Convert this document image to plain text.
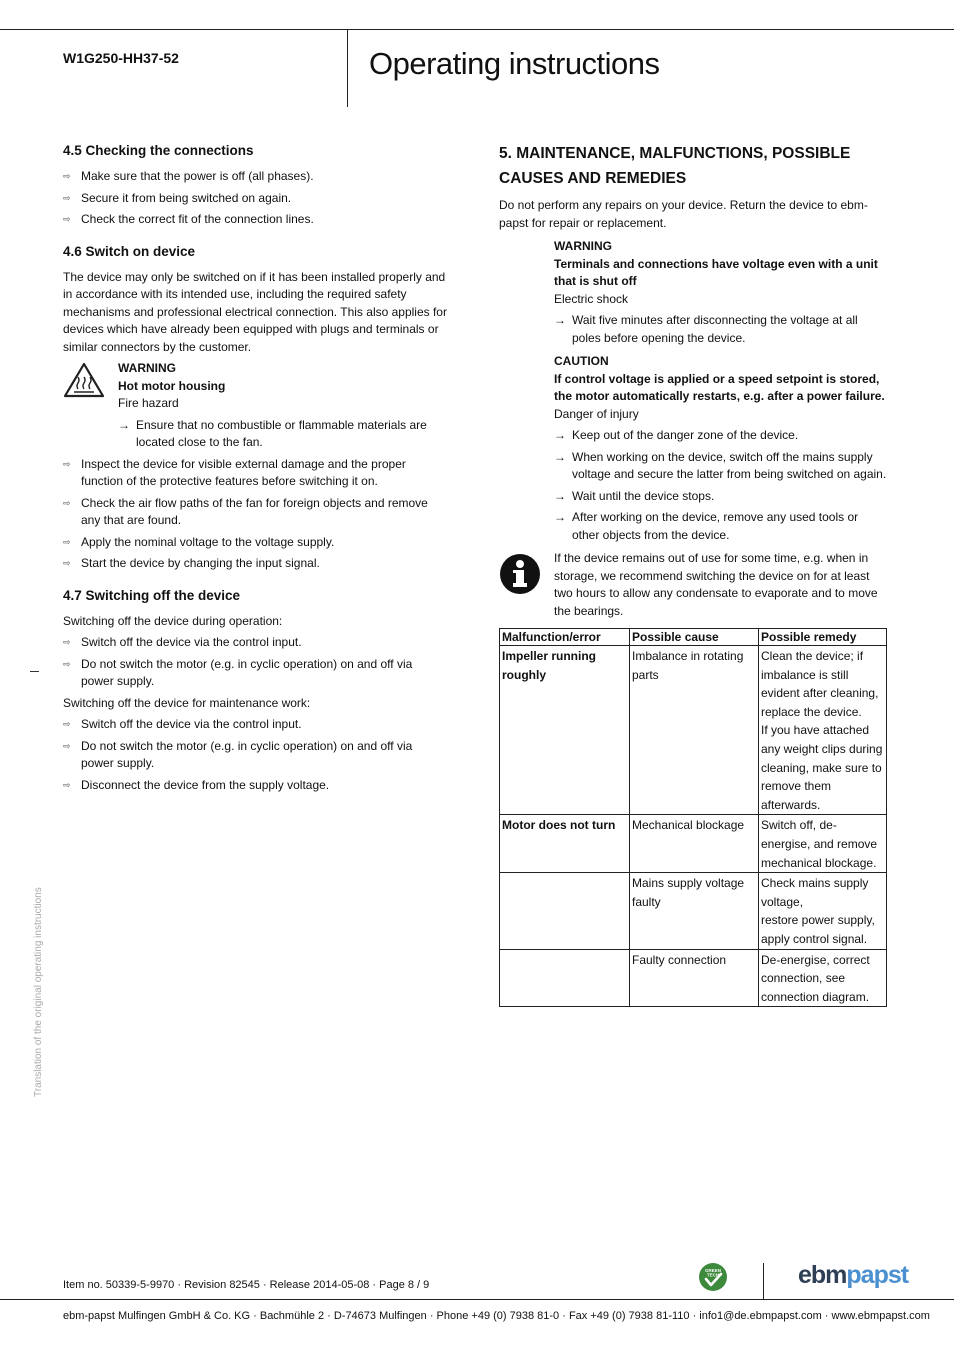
W1G250-HH37-52	Operating instructions
4.5 Checking the connections
⇨ Make sure that the power is off (all phases).
⇨ Secure it from being switched on again.
⇨ Check the correct fit of the connection lines.
4.6 Switch on device

The device may only be switched on if it has been installed properly and in accordance with its intended use, including the required safety mechanisms and professional electrical connection. This also applies for devices which have already been equipped with plugs and terminals or similar connectors by the customer.

WARNING
Hot motor housing
Fire hazard
→ Ensure that no combustible or flammable materials are located close to the fan.
⇨ Inspect the device for visible external damage and the proper function of the protective features before switching it on.
⇨ Check the air flow paths of the fan for foreign objects and remove any that are found.
⇨ Apply the nominal voltage to the voltage supply.
⇨ Start the device by changing the input signal.
4.7 Switching off the device

Switching off the device during operation:

⇨ Switch off the device via the control input.
⇨ Do not switch the motor (e.g. in cyclic operation) on and off via power supply.

Switching off the device for maintenance work:

⇨ Switch off the device via the control input.
⇨ Do not switch the motor (e.g. in cyclic operation) on and off via power supply.
⇨ Disconnect the device from the supply voltage.
5. MAINTENANCE, MALFUNCTIONS, POSSIBLE CAUSES AND REMEDIES

Do not perform any repairs on your device. Return the device to ebm-papst for repair or replacement.

WARNING
Terminals and connections have voltage even with a unit that is shut off
Electric shock
→ Wait five minutes after disconnecting the voltage at all poles before opening the device.
CAUTION
If control voltage is applied or a speed setpoint is stored, the motor automatically restarts, e.g. after a power failure.
Danger of injury
→ Keep out of the danger zone of the device.
→ When working on the device, switch off the mains supply voltage and secure the latter from being switched on again.
→ Wait until the device stops.
→ After working on the device, remove any used tools or other objects from the device.
If the device remains out of use for some time, e.g. when in storage, we recommend switching the device on for at least two hours to allow any condensate to evaporate and to move the bearings.
Malfunction/error	Possible cause	Possible remedy
Impeller running roughly	Imbalance in rotating parts	Clean the device; if imbalance is still evident after cleaning, replace the device.
If you have attached any weight clips during cleaning, make sure to remove them afterwards.
Motor does not turn	Mechanical blockage	Switch off, de-energise, and remove mechanical blockage.
	Mains supply voltage faulty	Check mains supply voltage,
restore power supply,
apply control signal.
	Faulty connection	De-energise, correct connection, see connection diagram.
Translation of the original operating instructions
Item no. 50339-5-9970 · Revision 82545 · Release 2014-05-08 · Page 8 / 9
GREEN
TECH	ebmpapst
ebm-papst Mulfingen GmbH & Co. KG · Bachmühle 2 · D-74673 Mulfingen · Phone +49 (0) 7938 81-0 · Fax +49 (0) 7938 81-110 · info1@de.ebmpapst.com · www.ebmpapst.com
